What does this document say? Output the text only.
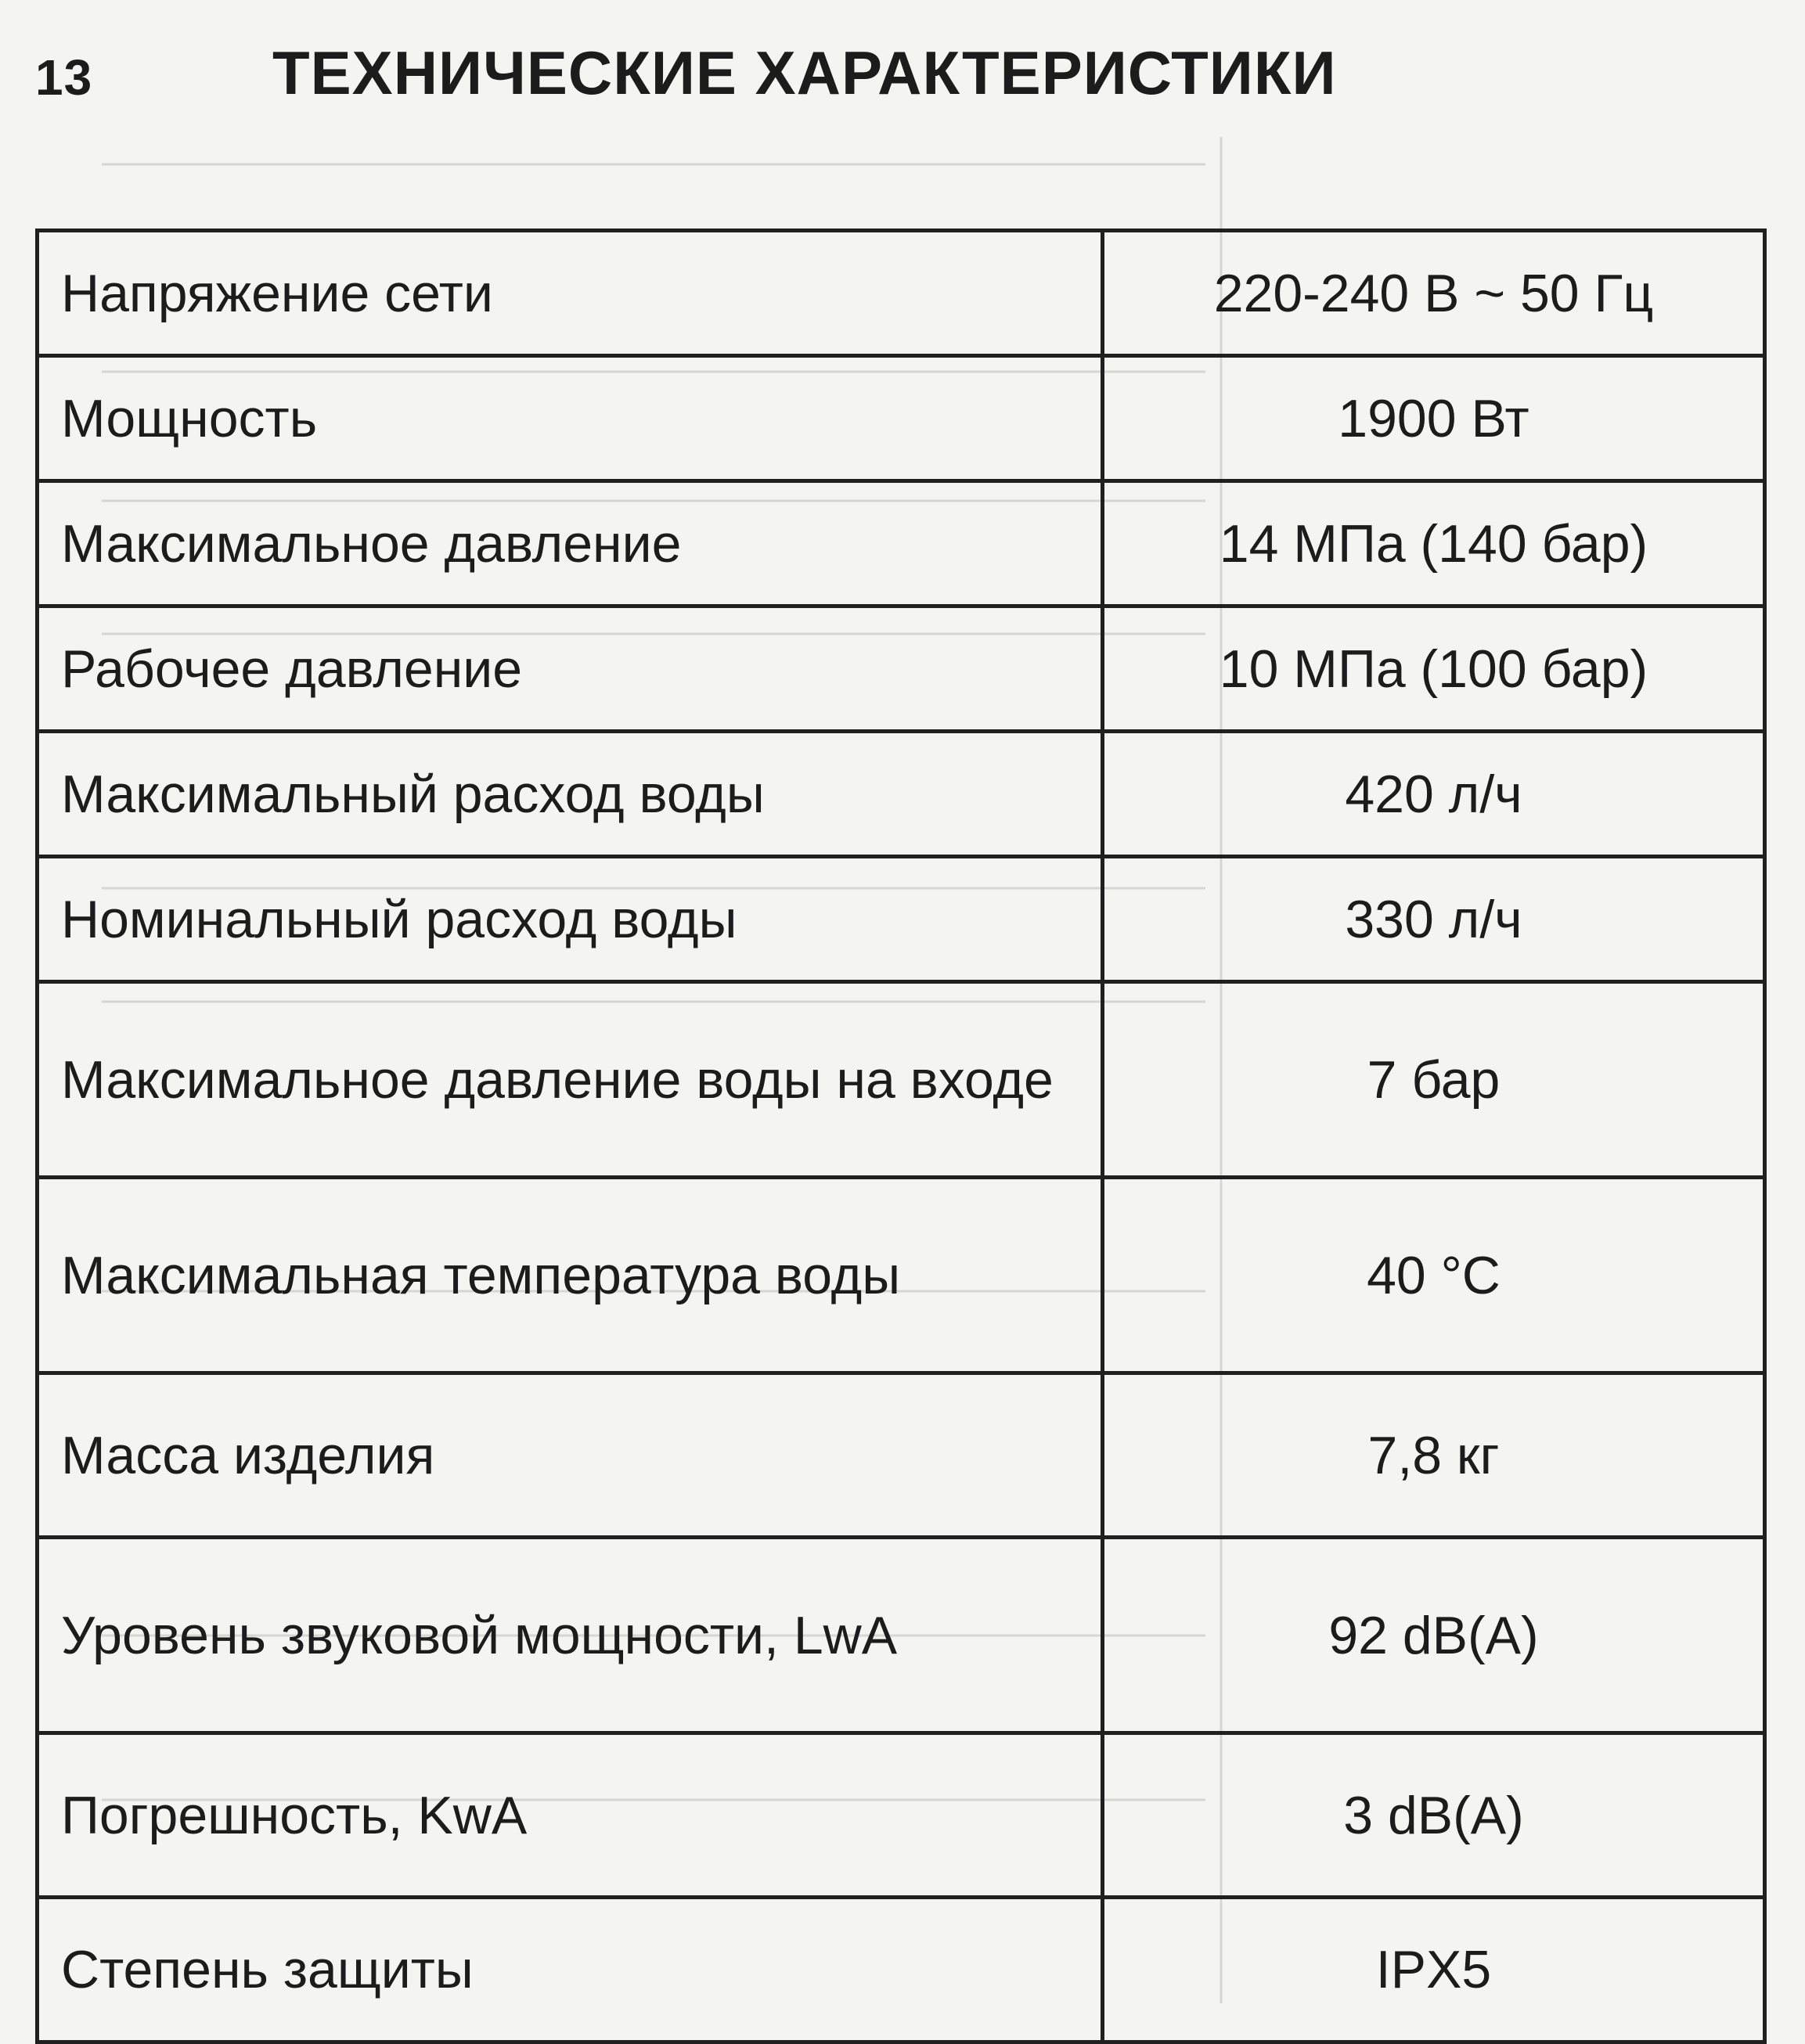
13	ТЕХНИЧЕСКИЕ ХАРАКТЕРИСТИКИ
Напряжение сети	220-240 В ~ 50 Гц
Мощность	1900 Вт
Максимальное давление	14 МПа (140 бар)
Рабочее давление	10 МПа (100 бар)
Максимальный расход воды	420 л/ч
Номинальный расход воды	330 л/ч
Максимальное давление воды на входе	7 бар
Максимальная температура воды	40 °C
Масса изделия	7,8 кг
Уровень звуковой мощности, LwA	92 dB(A)
Погрешность, KwA	3 dB(A)
Степень защиты	IPX5
